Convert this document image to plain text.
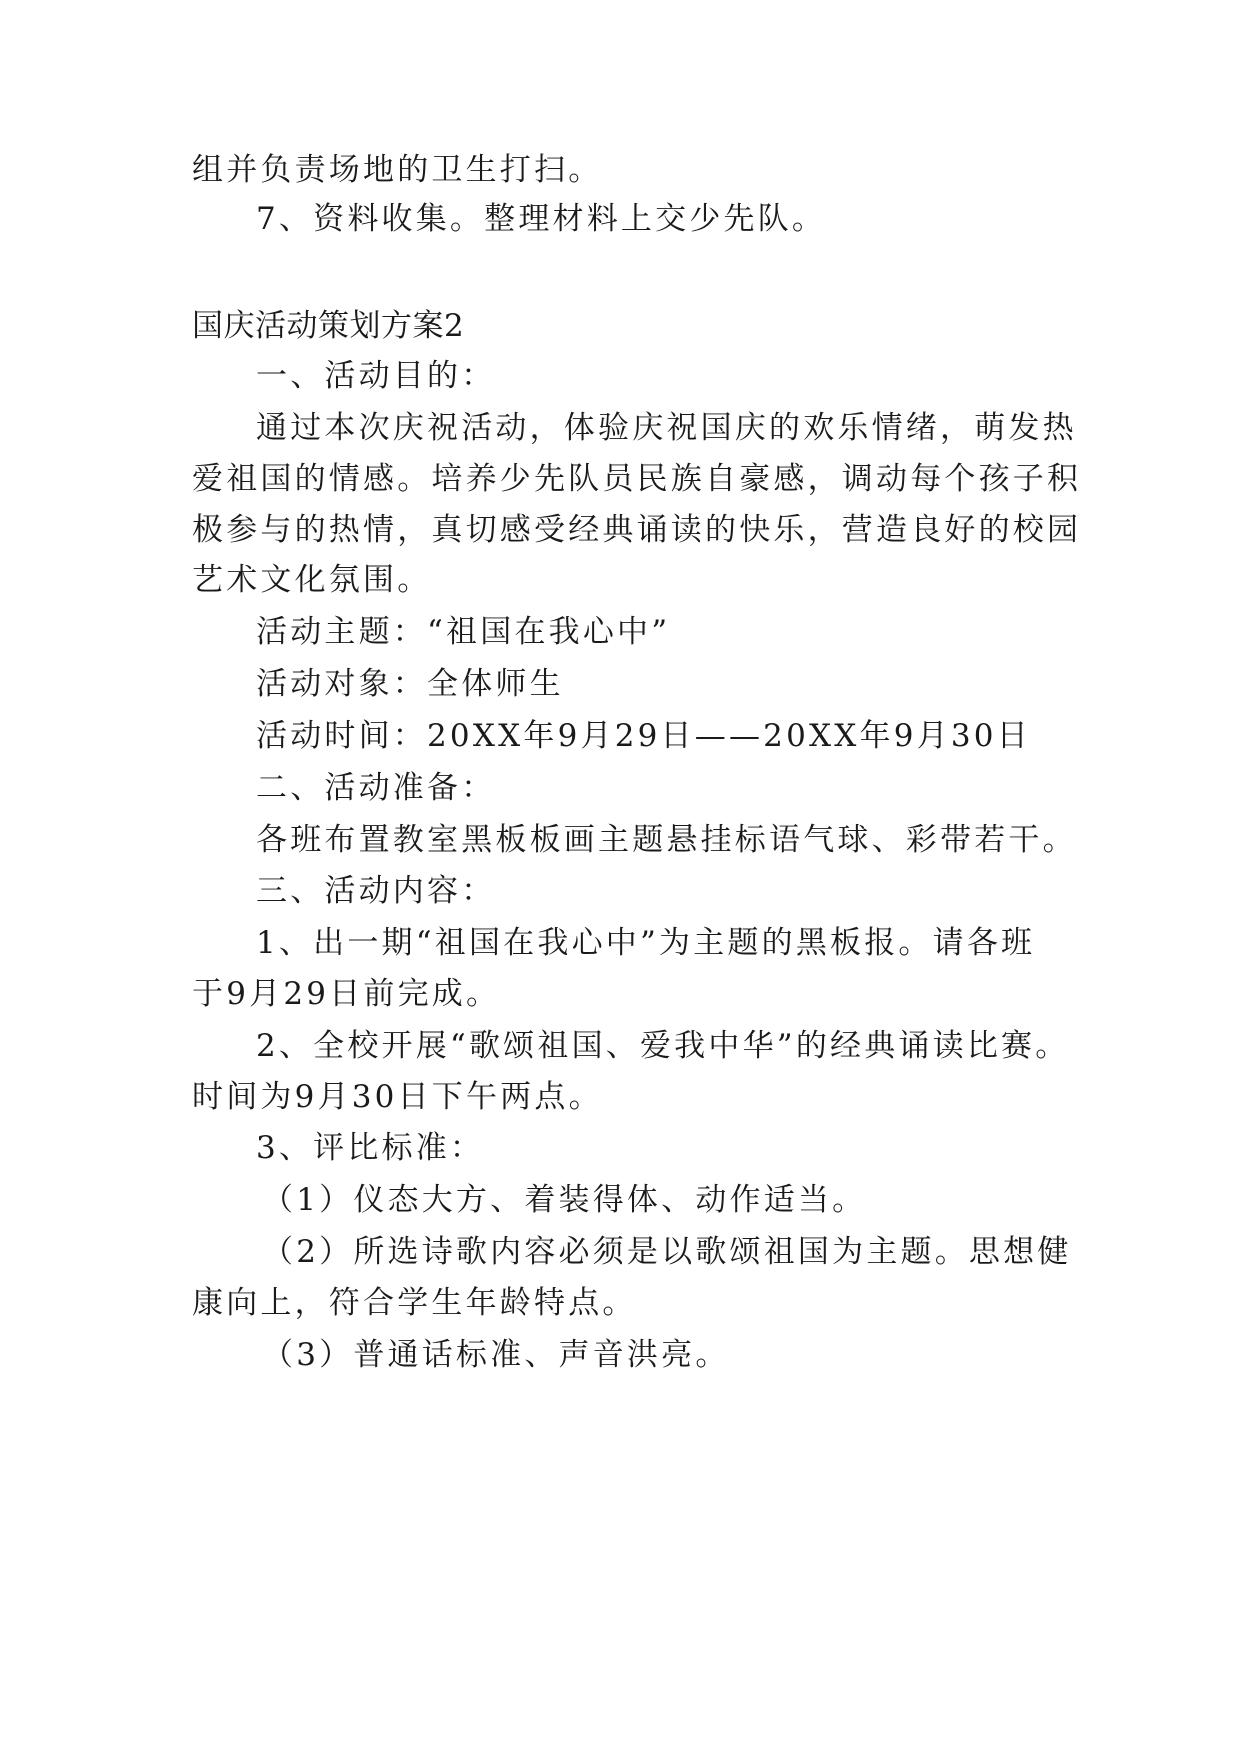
组并负责场地的卫生打扫。
7、资料收集。整理材料上交少先队。
国庆活动策划方案2
一、活动目的：
通过本次庆祝活动，体验庆祝国庆的欢乐情绪，萌发热
爱祖国的情感。培养少先队员民族自豪感，调动每个孩子积
极参与的热情，真切感受经典诵读的快乐，营造良好的校园
艺术文化氛围。
活动主题：“祖国在我心中”
活动对象：全体师生
活动时间：20XX年9月29日——20XX年9月30日
二、活动准备：
各班布置教室黑板板画主题悬挂标语气球、彩带若干。
三、活动内容：
1、出一期“祖国在我心中”为主题的黑板报。请各班
于9月29日前完成。
2、全校开展“歌颂祖国、爱我中华”的经典诵读比赛。
时间为9月30日下午两点。
3、评比标准：
（1）仪态大方、着装得体、动作适当。
（2）所选诗歌内容必须是以歌颂祖国为主题。思想健
康向上，符合学生年龄特点。
（3）普通话标准、声音洪亮。
